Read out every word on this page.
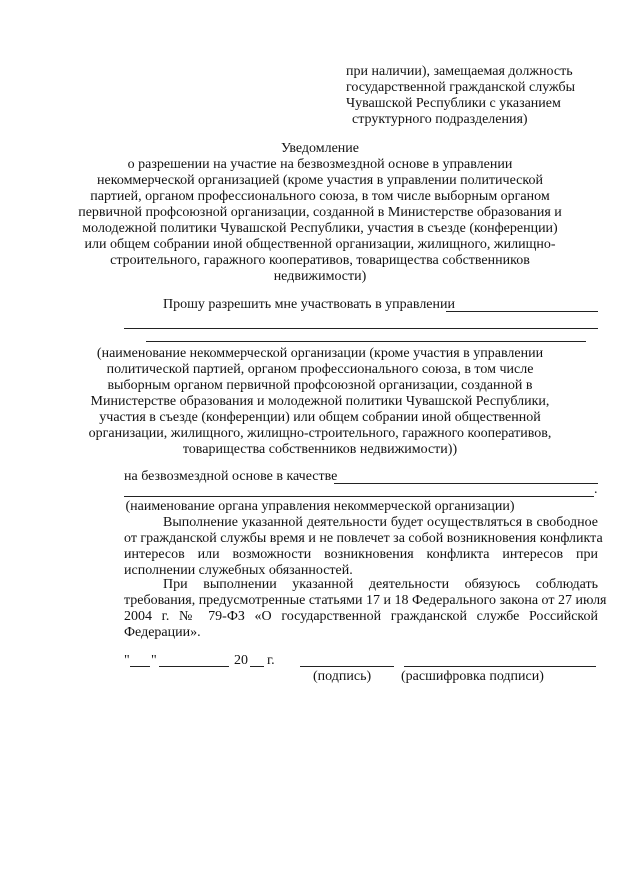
при наличии), замещаемая должность
государственной гражданской службы
Чувашской Республики с указанием
структурного подразделения)
Уведомление
о разрешении на участие на безвозмездной основе в управлении
некоммерческой организацией (кроме участия в управлении политической
партией, органом профессионального союза, в том числе выборным органом
первичной профсоюзной организации, созданной в Министерстве образования и
молодежной политики Чувашской Республики, участия в съезде (конференции)
или общем собрании иной общественной организации, жилищного, жилищно-
строительного, гаражного кооперативов, товарищества собственников
недвижимости)
Прошу разрешить мне участвовать в управлении
(наименование некоммерческой организации (кроме участия в управлении
политической партией, органом профессионального союза, в том числе
выборным органом первичной профсоюзной организации, созданной в
Министерстве образования и молодежной политики Чувашской Республики,
участия в съезде (конференции) или общем собрании иной общественной
организации, жилищного, жилищно-строительного, гаражного кооперативов,
товарищества собственников недвижимости))
на безвозмездной основе в качестве
.
(наименование органа управления некоммерческой организации)
Выполнение указанной деятельности будет осуществляться в свободное
от гражданской службы время и не повлечет за собой возникновения конфликта
интересов или возможности возникновения конфликта интересов при
исполнении служебных обязанностей.
При выполнении указанной деятельности обязуюсь соблюдать
требования, предусмотренные статьями 17 и 18 Федерального закона от 27 июля
2004 г. № 79-ФЗ «О государственной гражданской службе Российской
Федерации».
" "	20 г.
(подпись) (расшифровка подписи)
